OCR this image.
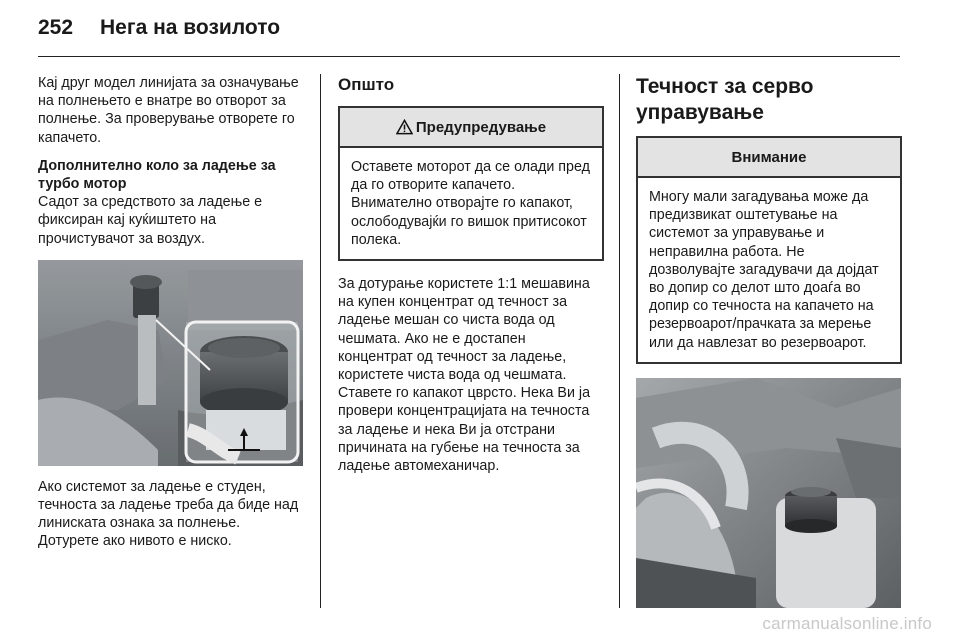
252 Нега на возилото

Кај друг модел линијата за означување на полнењето е внатре во отворот за полнење. За проверување отворете го капачето.

Дополнително коло за ладење за турбо мотор

Садот за средството за ладење е фиксиран кај куќиштето на прочистувачот за воздух.

Ако системот за ладење е студен, течноста за ладење треба да биде над линиската ознака за полнење. Дотурете ако нивото е ниско.

Општо
Предупредување

Оставете моторот да се олади пред да го отворите капачето. Внимателно отворајте го капакот, ослободувајќи го вишок притисокот полека.

За дотурање користете 1:1 мешавина на купен концентрат од течност за ладење мешан со чиста вода од чешмата. Ако не е достапен концентрат од течност за ладење, користете чиста вода од чешмата. Ставете го капакот цврсто. Нека Ви ја провери концентрацијата на течноста за ладење и нека Ви ја отстрани причината на губење на течноста за ладење автомеханичар.

Течност за серво управување
Внимание

Многу мали загадувања може да предизвикат оштетување на системот за управување и неправилна работа. Не дозволувајте загадувачи да дојдат во допир со делот што доаѓа во допир со течноста на капачето на резервоарот/прачката за мерење или да навлезат во резервоарот.

carmanualsonline.info
